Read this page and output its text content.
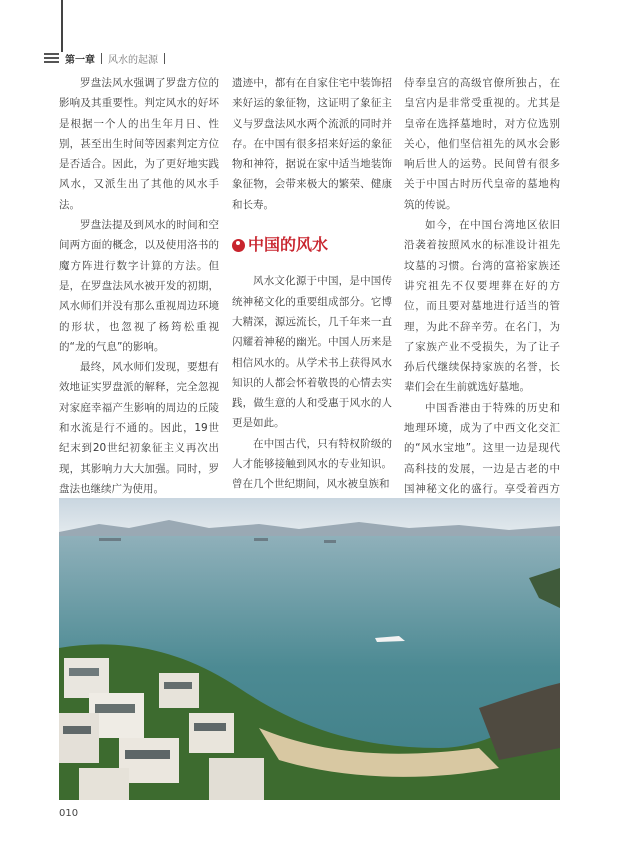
第一章 风水的起源

罗盘法风水强调了罗盘方位的影响及其重要性。判定风水的好坏是根据一个人的出生年月日、性别，甚至出生时间等因素判定方位是否适合。因此，为了更好地实践风水，又派生出了其他的风水手法。

罗盘法提及到风水的时间和空间两方面的概念，以及使用洛书的魔方阵进行数字计算的方法。但是，在罗盘法风水被开发的初期，风水师们并没有那么重视周边环境的形状，也忽视了杨筠松重视的“龙的气息”的影响。

最终，风水师们发现，要想有效地证实罗盘派的解释，完全忽视对家庭幸福产生影响的周边的丘陵和水流是行不通的。因此，19世纪末到20世纪初象征主义再次出现，其影响力大大加强。同时，罗盘法也继续广为使用。

遗迹中，都有在自家住宅中装饰招来好运的象征物，这证明了象征主义与罗盘法风水两个流派的同时并存。在中国有很多招来好运的象征物和神符，据说在家中适当地装饰象征物，会带来极大的繁荣、健康和长寿。

中国的风水

风水文化源于中国，是中国传统神秘文化的重要组成部分。它博大精深，源远流长，几千年来一直闪耀着神秘的幽光。中国人历来是相信风水的。从学术书上获得风水知识的人都会怀着敬畏的心情去实践，做生意的人和受惠于风水的人更是如此。

在中国古代，只有特权阶级的人才能够接触到风水的专业知识。曾在几个世纪期间，风水被皇族和

侍奉皇宫的高级官僚所独占，在皇宫内是非常受重视的。尤其是皇帝在选择墓地时，对方位选别关心，他们坚信祖先的风水会影响后世人的运势。民间曾有很多关于中国古时历代皇帝的墓地构筑的传说。

如今，在中国台湾地区依旧沿袭着按照风水的标准设计祖先坟墓的习惯。台湾的富裕家族还讲究祖先不仅要埋葬在好的方位，而且要对墓地进行适当的管理，为此不辞辛劳。在名门，为了家族产业不受损失，为了让子孙后代继续保持家族的名誉，长辈们会在生前就选好墓地。

中国香港由于特殊的历史和地理环境，成为了中西文化交汇的“风水宝地”。这里一边是现代高科技的发展，一边是古老的中国神秘文化的盛行。享受着西方

010
